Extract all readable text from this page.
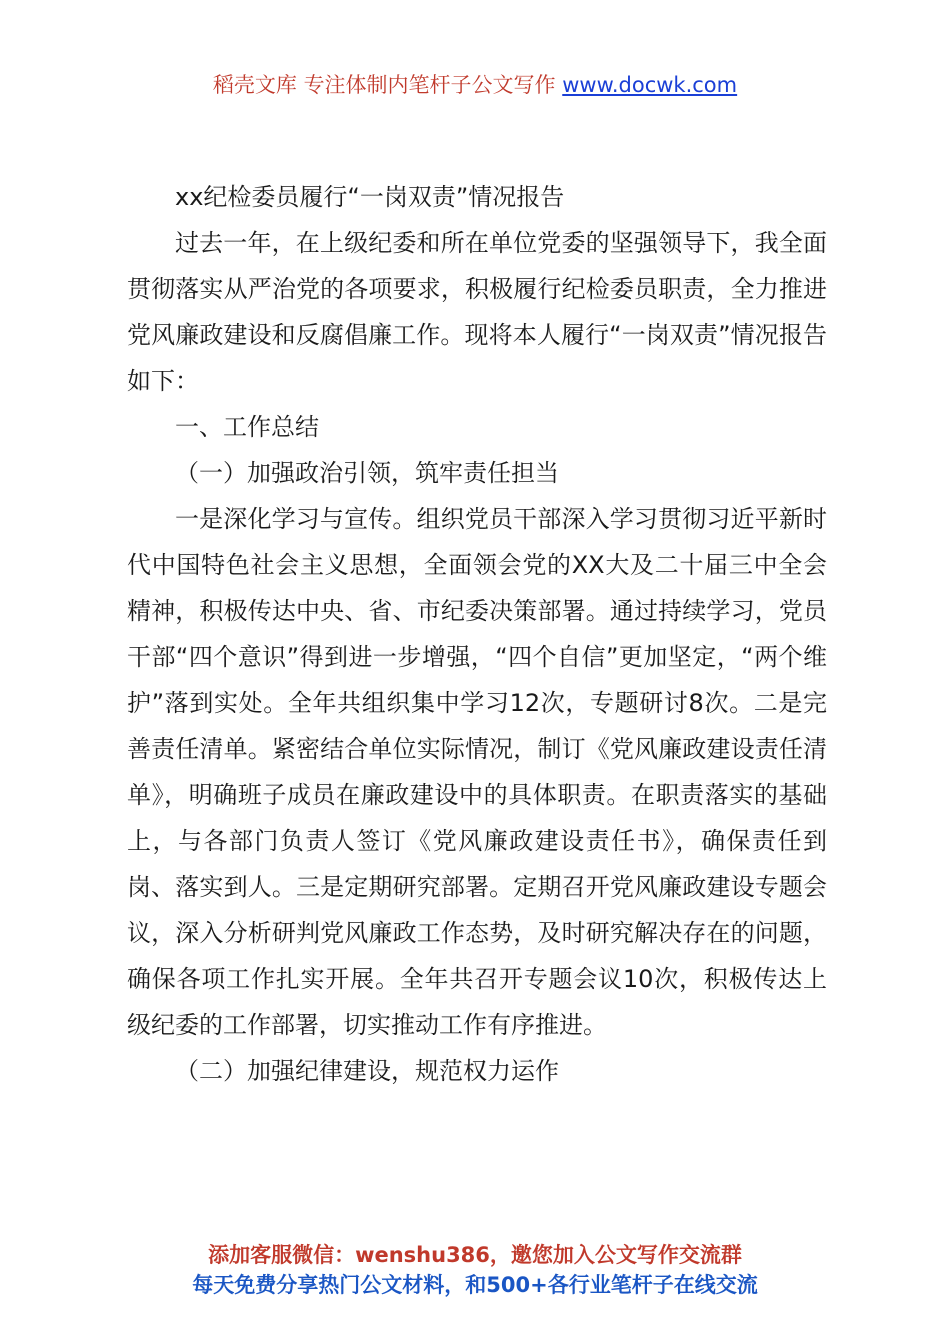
稻壳文库 专注体制内笔杆子公文写作 www.docwk.com

xx纪检委员履行“一岗双责”情况报告

过去一年，在上级纪委和所在单位党委的坚强领导下，我全面贯彻落实从严治党的各项要求，积极履行纪检委员职责，全力推进党风廉政建设和反腐倡廉工作。现将本人履行“一岗双责”情况报告如下：

一、工作总结

（一）加强政治引领，筑牢责任担当

一是深化学习与宣传。组织党员干部深入学习贯彻习近平新时代中国特色社会主义思想，全面领会党的XX大及二十届三中全会精神，积极传达中央、省、市纪委决策部署。通过持续学习，党员干部“四个意识”得到进一步增强，“四个自信”更加坚定，“两个维护”落到实处。全年共组织集中学习12次，专题研讨8次。二是完善责任清单。紧密结合单位实际情况，制订《党风廉政建设责任清单》，明确班子成员在廉政建设中的具体职责。在职责落实的基础上，与各部门负责人签订《党风廉政建设责任书》，确保责任到岗、落实到人。三是定期研究部署。定期召开党风廉政建设专题会议，深入分析研判党风廉政工作态势，及时研究解决存在的问题，确保各项工作扎实开展。全年共召开专题会议10次，积极传达上级纪委的工作部署，切实推动工作有序推进。

（二）加强纪律建设，规范权力运作

添加客服微信：wenshu386，邀您加入公文写作交流群
每天免费分享热门公文材料，和500+各行业笔杆子在线交流
